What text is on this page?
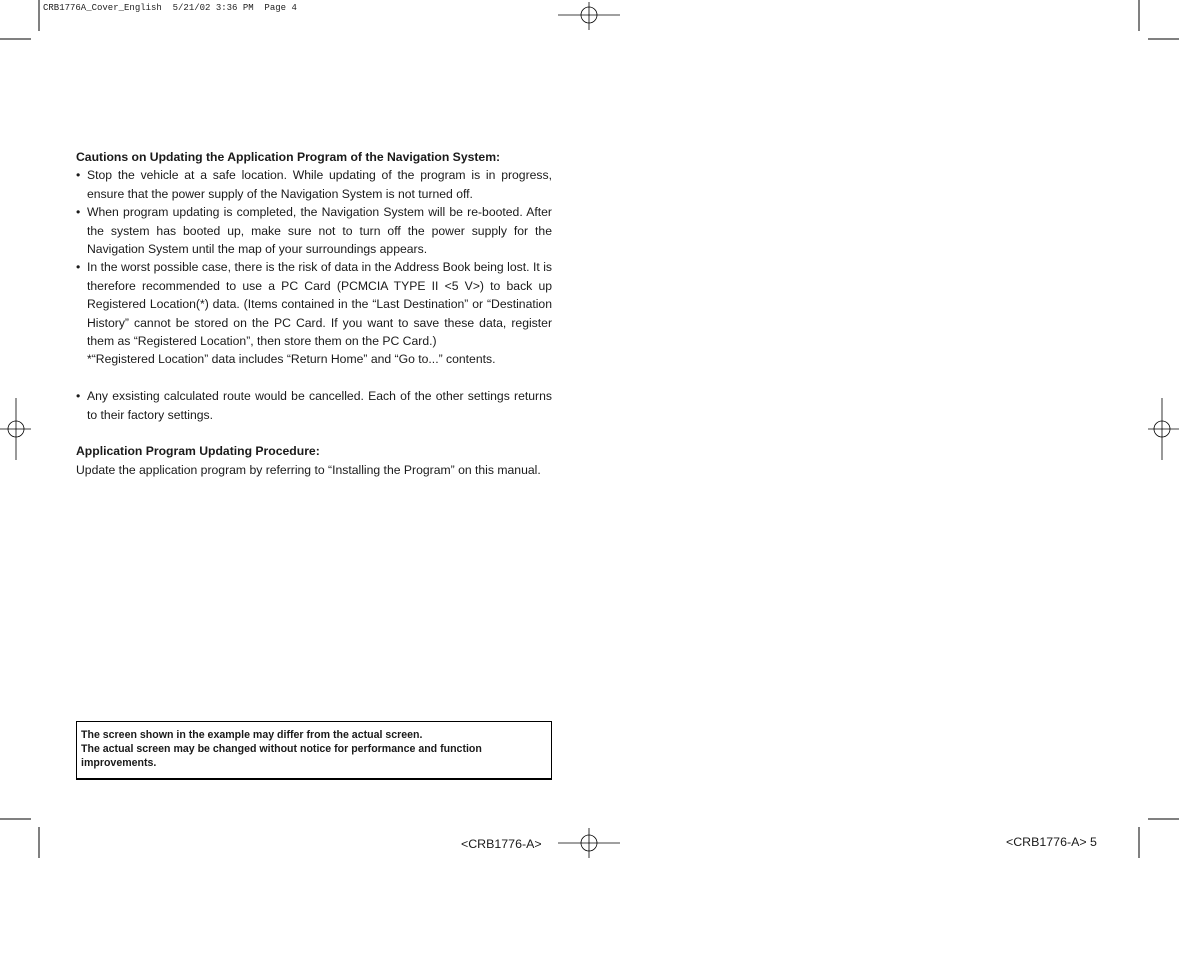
CRB1776A_Cover_English  5/21/02 3:36 PM  Page 4

Cautions on Updating the Application Program of the Navigation System:

• Stop the vehicle at a safe location. While updating of the program is in progress, ensure that the power supply of the Navigation System is not turned off.
• When program updating is completed, the Navigation System will be re-booted. After the system has booted up, make sure not to turn off the power supply for the Navigation System until the map of your surroundings appears.
• In the worst possible case, there is the risk of data in the Address Book being lost. It is therefore recommended to use a PC Card (PCMCIA TYPE II <5 V>) to back up Registered Location(*) data. (Items contained in the “Last Destination” or “Destination History” cannot be stored on the PC Card. If you want to save these data, register them as “Registered Location”, then store them on the PC Card.)
*“Registered Location” data includes “Return Home” and “Go to...” contents.
• Any exsisting calculated route would be cancelled. Each of the other settings returns to their factory settings.

Application Program Updating Procedure:

Update the application program by referring to “Installing the Program” on this manual.

The screen shown in the example may differ from the actual screen.

The actual screen may be changed without notice for performance and function improvements.

<CRB1776-A>	<CRB1776-A> 5
